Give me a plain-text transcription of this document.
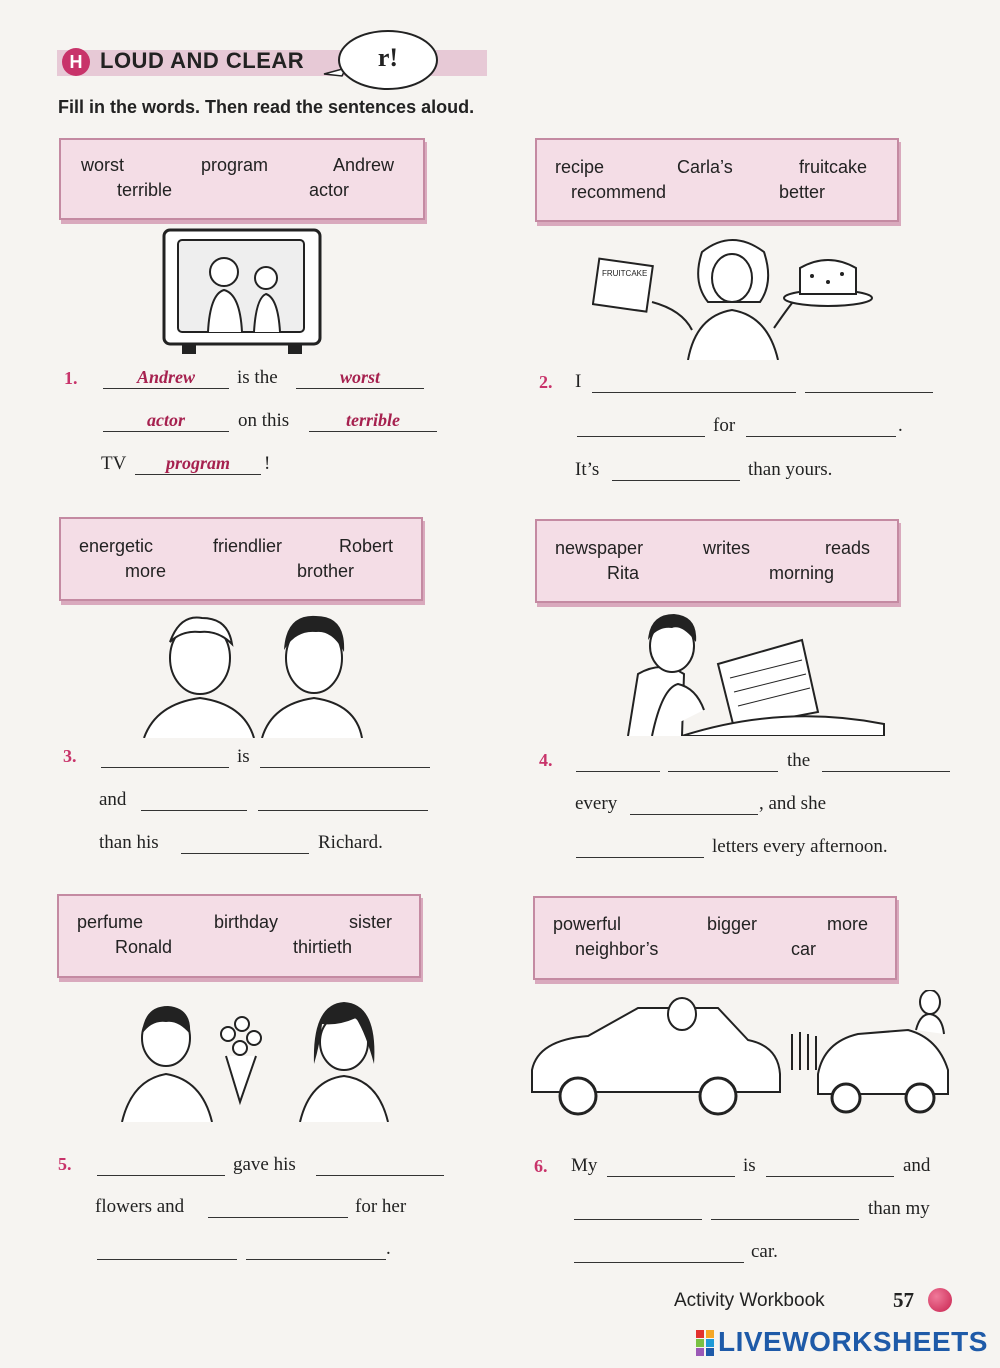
H LOUD AND CLEAR	r!
Fill in the words. Then read the sentences aloud.
worst	program	Andrew
terrible	actor
1.	Andrew	is the	worst
actor	on this	terrible
TV	program	!
recipe	Carla’s	fruitcake
recommend	better
FRUITCAKE
2. I
for	.
It’s	than yours.
energetic	friendlier	Robert
more	brother
3.	is
and
than his	Richard.
newspaper	writes	reads
Rita	morning
4.	the
every	, and she
letters every afternoon.
perfume	birthday	sister
Ronald	thirtieth
5.	gave his
flowers and	for her
.
powerful	bigger	more
neighbor’s	car
6. My	is	and
than my
car.
Activity Workbook	57
LIVEWORKSHEETS
